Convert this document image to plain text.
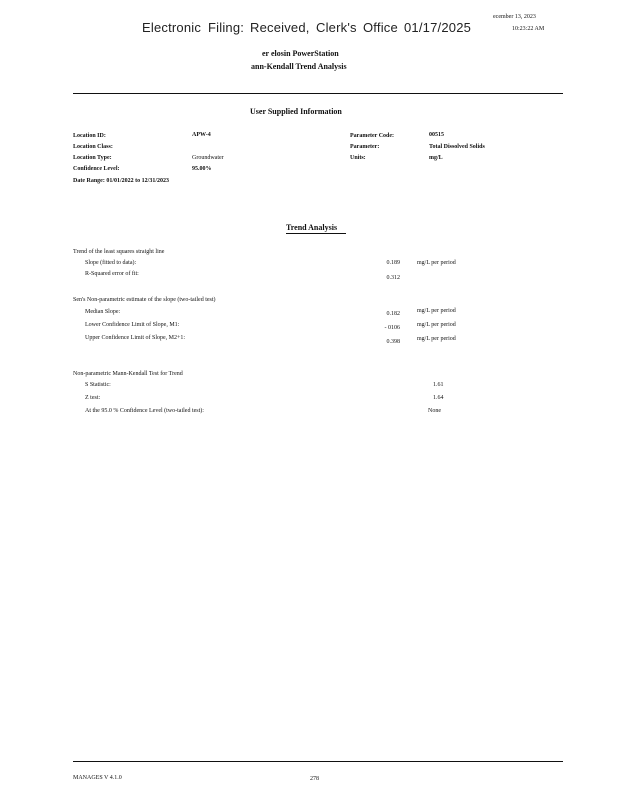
Electronic Filing: Received, Clerk's Office 01/17/2025
ecember 13, 2023
10:23:22 AM
er elosin PowerStation
ann-Kendall Trend Analysis
User Supplied Information
Location ID:	APW-4
Location Class:
Location Type:	Groundwater
Confidence Level:	95.00%
Date Range: 01/01/2022 to 12/31/2023
Parameter Code:	00515
Parameter:	Total Dissolved Solids
Units:	mg/L
Trend Analysis
Trend of the least squares straight line
Slope (fitted to data):	0.189	mg/L per period
R-Squared error of fit:
0.312
Sen's Non-parametric estimate of the slope (two-tailed test)
Median Slope:	0.182	mg/L per period
Lower Confidence Limit of Slope, M1:	- 0106	mg/L per period
Upper Confidence Limit of Slope, M2+1:
0.398	mg/L per period
Non-parametric Mann-Kendall Test for Trend
S Statistic:	1.61
Z test:	1.64
At the 95.0 % Confidence Level (two-tailed test):	None
MANAGES V 4.1.0	278
